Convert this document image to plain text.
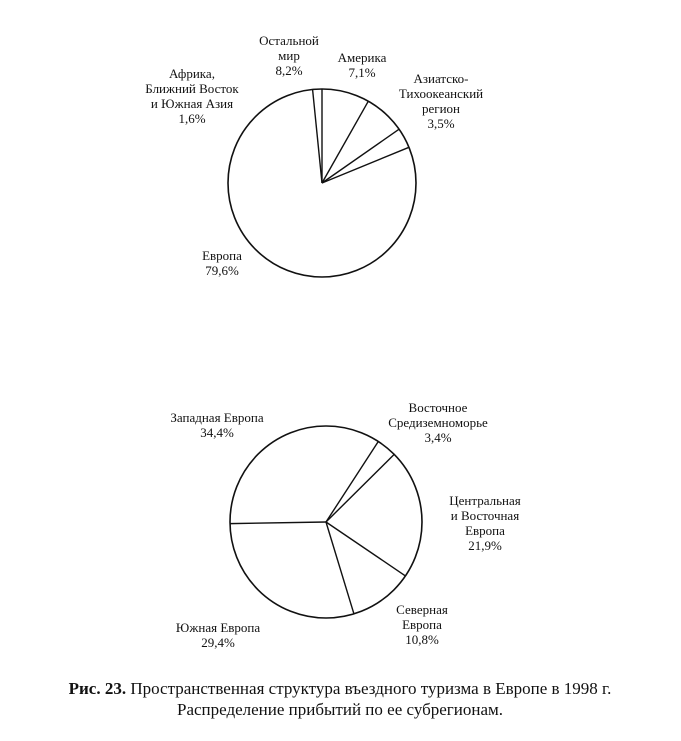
Остальной
мир
8,2%
Америка
7,1%	Азиатско-
Тихоокеанский
регион
3,5%
Европа
79,6%
Африка,
Ближний Восток
и Южная Азия
1,6%
Восточное
Средиземноморье
3,4%
Центральная
и Восточная
Европа
21,9%
Северная
Европа
10,8%
Южная Европа
29,4%
Западная Европа
34,4%
Рис. 23. Пространственная структура въездного туризма в Европе в 1998 г. Распределение прибытий по ее субрегионам.
